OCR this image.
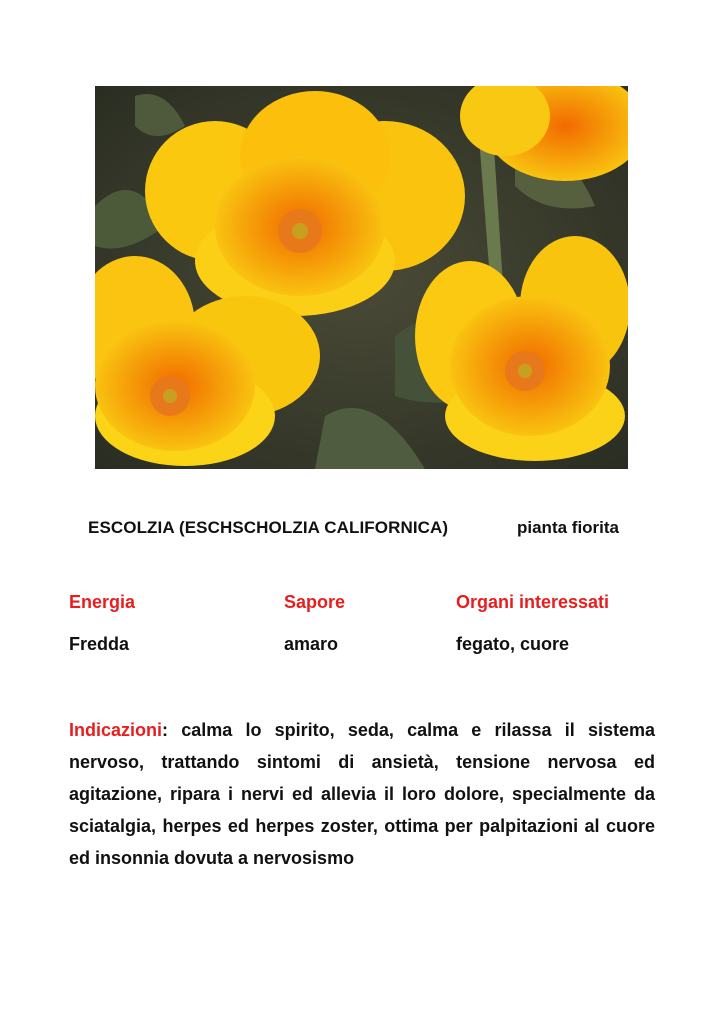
ESCOLZIA (ESCHSCHOLZIA CALIFORNICA)	pianta fiorita
Energia	Sapore	Organi interessati
Fredda	amaro	fegato, cuore
Indicazioni: calma lo spirito, seda, calma e rilassa il sistema nervoso, trattando sintomi di ansietà, tensione nervosa ed agitazione, ripara i nervi ed allevia il loro dolore, specialmente da sciatalgia, herpes ed herpes zoster, ottima per palpitazioni al cuore ed insonnia dovuta a nervosismo
